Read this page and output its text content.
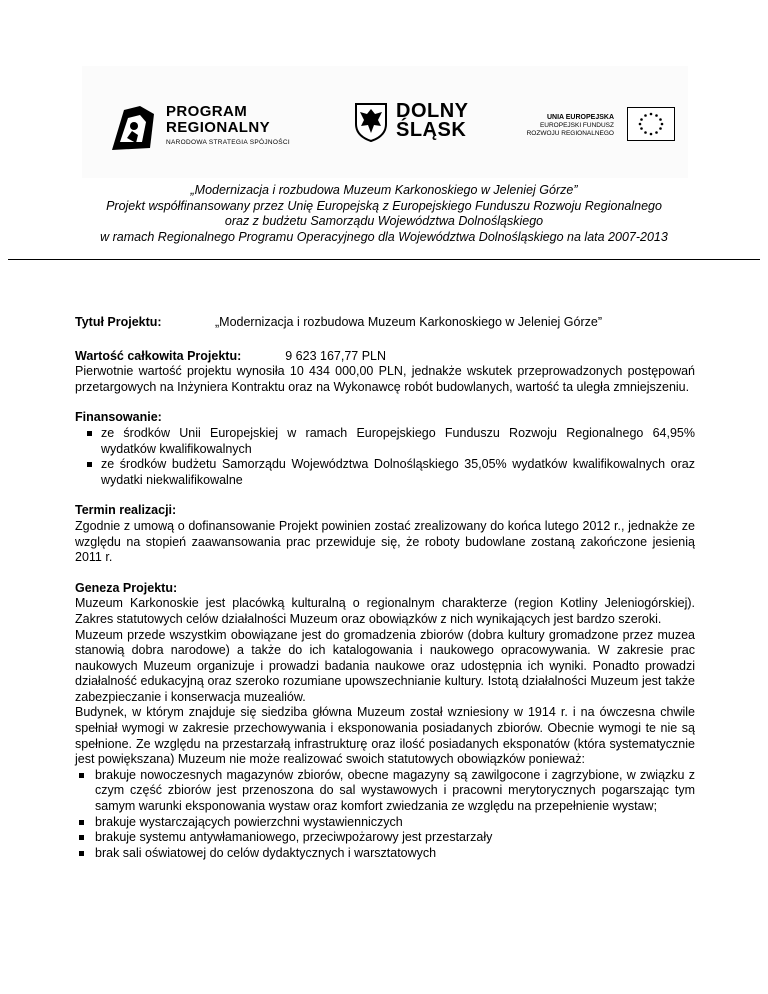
PROGRAM
REGIONALNY
NARODOWA STRATEGIA SPÓJNOŚCI
DOLNY
ŚLĄSK
UNIA EUROPEJSKA
EUROPEJSKI FUNDUSZ
ROZWOJU REGIONALNEGO
„Modernizacja i rozbudowa Muzeum Karkonoskiego w Jeleniej Górze”
Projekt współfinansowany przez Unię Europejską z Europejskiego Funduszu Rozwoju Regionalnego
oraz z budżetu Samorządu Województwa Dolnośląskiego
w ramach Regionalnego Programu Operacyjnego dla Województwa Dolnośląskiego na lata 2007-2013
Tytuł Projektu:	„Modernizacja i rozbudowa Muzeum Karkonoskiego w Jeleniej Górze”

Wartość całkowita Projektu:	9 623 167,77 PLN

Pierwotnie wartość projektu wynosiła 10 434 000,00 PLN, jednakże wskutek przeprowadzonych postępowań przetargowych na Inżyniera Kontraktu oraz na Wykonawcę robót budowlanych, wartość ta uległa zmniejszeniu.

Finansowanie:

ze środków Unii Europejskiej w ramach Europejskiego Funduszu Rozwoju Regionalnego 64,95% wydatków kwalifikowalnych
ze środków budżetu Samorządu Województwa Dolnośląskiego 35,05% wydatków kwalifikowalnych oraz wydatki niekwalifikowalne

Termin realizacji:

Zgodnie z umową o dofinansowanie Projekt powinien zostać zrealizowany do końca lutego 2012 r., jednakże ze względu na stopień zaawansowania prac przewiduje się, że roboty budowlane zostaną zakończone jesienią 2011 r.

Geneza Projektu:

Muzeum Karkonoskie jest placówką kulturalną o regionalnym charakterze (region Kotliny Jeleniogórskiej). Zakres statutowych celów działalności Muzeum oraz obowiązków z nich wynikających jest bardzo szeroki.

Muzeum przede wszystkim obowiązane jest do gromadzenia zbiorów (dobra kultury gromadzone przez muzea stanowią dobra narodowe) a także do ich katalogowania i naukowego opracowywania. W zakresie prac naukowych Muzeum organizuje i prowadzi badania naukowe oraz udostępnia ich wyniki. Ponadto prowadzi działalność edukacyjną oraz szeroko rozumiane upowszechnianie kultury. Istotą działalności Muzeum jest także zabezpieczanie i konserwacja muzealiów.

Budynek, w którym znajduje się siedziba główna Muzeum został wzniesiony w 1914 r. i na ówczesna chwile spełniał wymogi w zakresie przechowywania i eksponowania posiadanych zbiorów. Obecnie wymogi te nie są spełnione. Ze względu na przestarzałą infrastrukturę oraz ilość posiadanych eksponatów (która systematycznie jest powiększana) Muzeum nie może realizować swoich statutowych obowiązków ponieważ:

brakuje nowoczesnych magazynów zbiorów, obecne magazyny są zawilgocone i zagrzybione, w związku z czym część zbiorów jest przenoszona do sal wystawowych i pracowni merytorycznych pogarszając tym samym warunki eksponowania wystaw oraz komfort zwiedzania ze względu na przepełnienie wystaw;
brakuje wystarczających powierzchni wystawienniczych
brakuje systemu antywłamaniowego, przeciwpożarowy jest przestarzały
brak sali oświatowej do celów dydaktycznych i warsztatowych
